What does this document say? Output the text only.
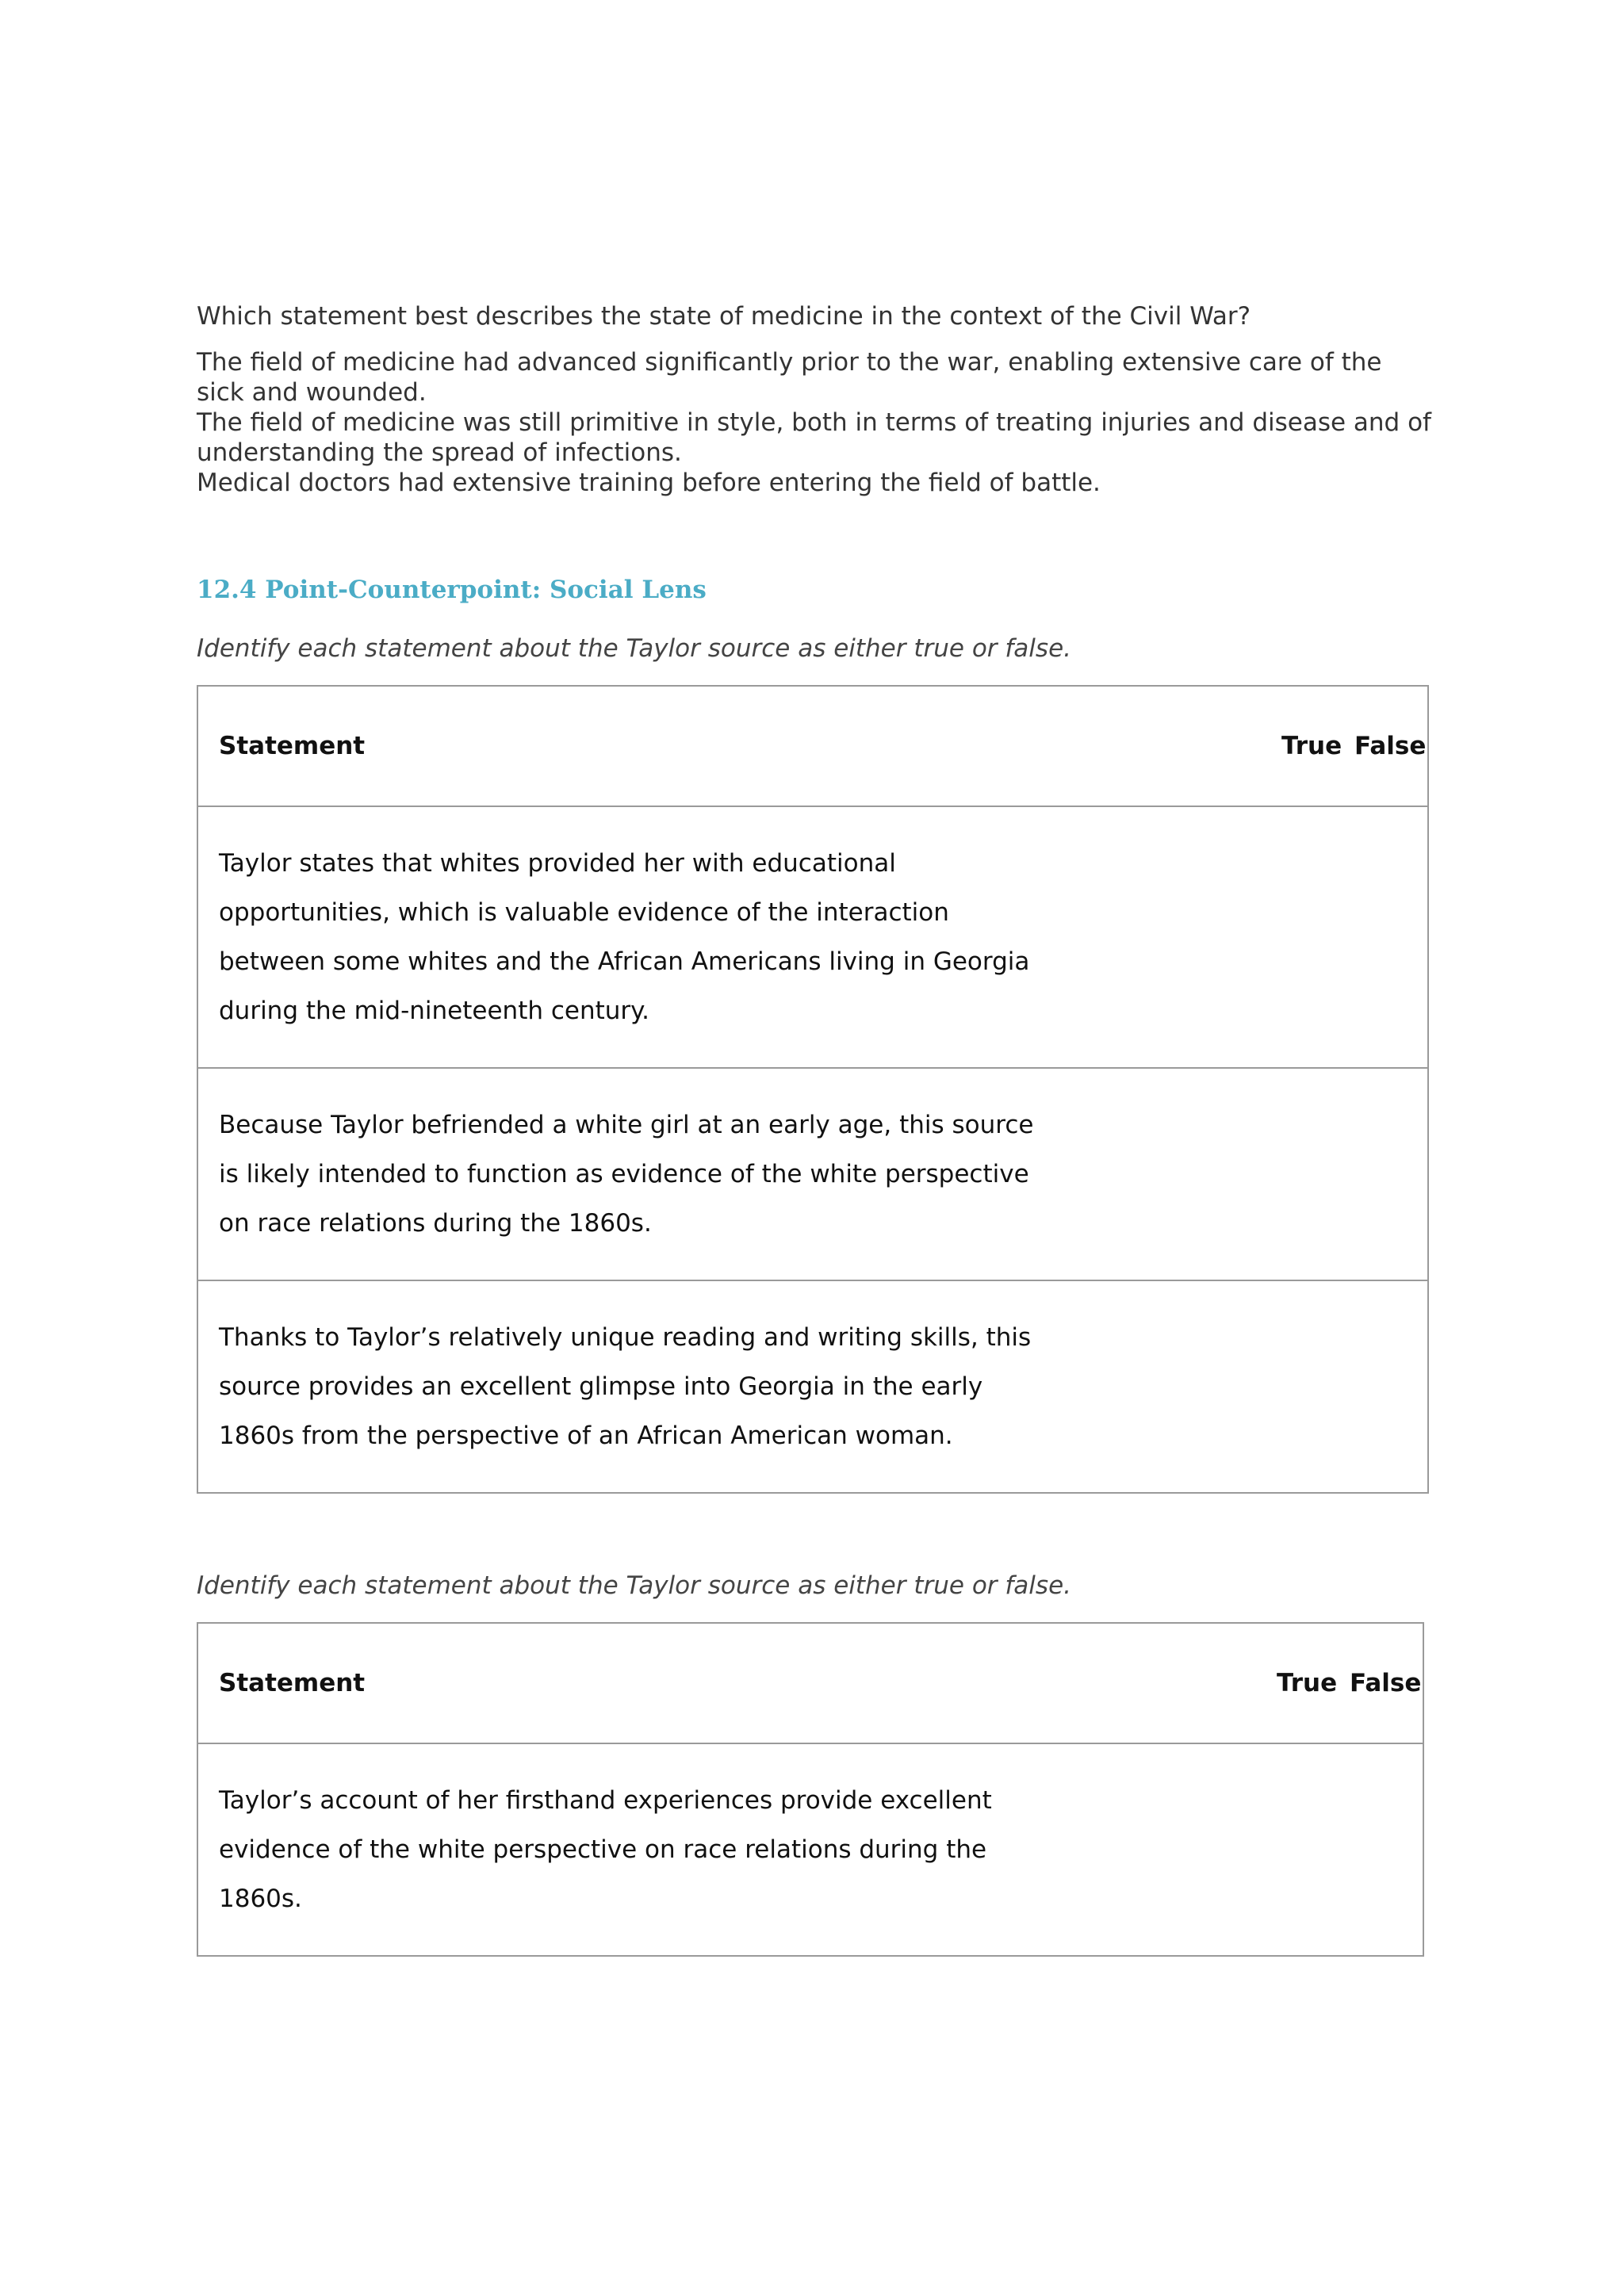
Which statement best describes the state of medicine in the context of the Civil War?

The field of medicine had advanced significantly prior to the war, enabling extensive care of the sick and wounded.

The field of medicine was still primitive in style, both in terms of treating injuries and disease and of understanding the spread of infections.

Medical doctors had extensive training before entering the field of battle.

12.4 Point-Counterpoint: Social Lens

Identify each statement about the Taylor source as either true or false.

Statement	True	False
Taylor states that whites provided her with educational opportunities, which is valuable evidence of the interaction between some whites and the African Americans living in Georgia during the mid-nineteenth century.		
Because Taylor befriended a white girl at an early age, this source is likely intended to function as evidence of the white perspective on race relations during the 1860s.		
Thanks to Taylor’s relatively unique reading and writing skills, this source provides an excellent glimpse into Georgia in the early 1860s from the perspective of an African American woman.		

Identify each statement about the Taylor source as either true or false.

Statement	True	False
Taylor’s account of her firsthand experiences provide excellent evidence of the white perspective on race relations during the 1860s.		
